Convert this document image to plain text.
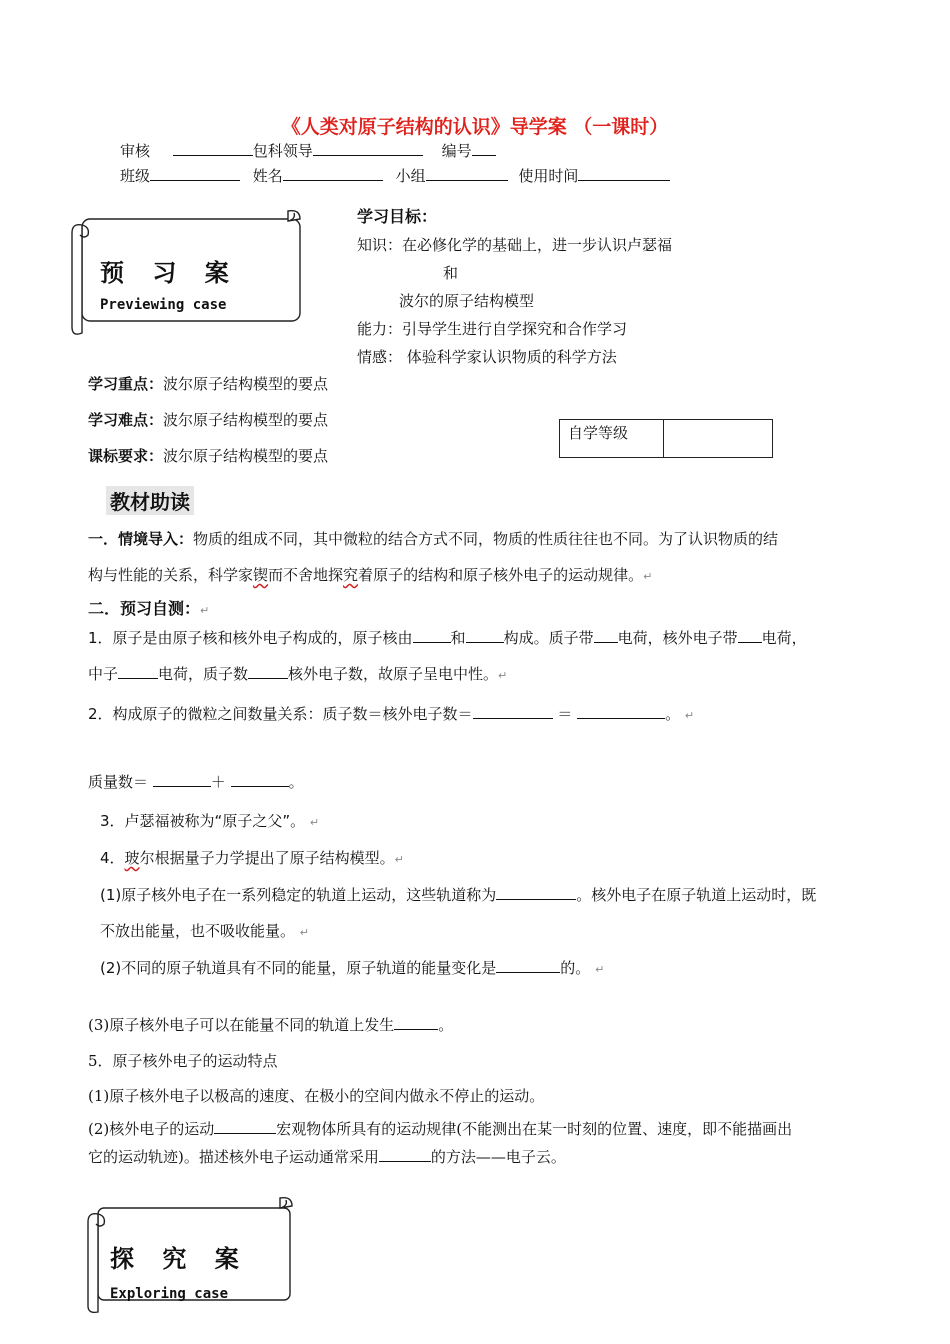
《人类对原子结构的认识》导学案 （一课时）
审核	包科领导	编号
班级	姓名	小组	使用时间
预 习 案
Previewing case
学习目标：
知识：在必修化学的基础上，进一步认识卢瑟福
和
波尔的原子结构模型
能力：引导学生进行自学探究和合作学习
情感： 体验科学家认识物质的科学方法
学习重点：波尔原子结构模型的要点
学习难点：波尔原子结构模型的要点
课标要求：波尔原子结构模型的要点
自学等级
教材助读
一．情境导入：物质的组成不同，其中微粒的结合方式不同，物质的性质往往也不同。为了认识物质的结
构与性能的关系，科学家锲而不舍地探究着原子的结构和原子核外电子的运动规律。↵
二．预习自测：↵
1．原子是由原子核和核外电子构成的，原子核由	和	构成。质子带 电荷，核外电子带 电荷，
中子	电荷，质子数	核外电子数，故原子呈电中性。↵
2．构成原子的微粒之间数量关系：质子数＝核外电子数＝	＝	。 ↵
质量数＝	＋	。
3．卢瑟福被称为“原子之父”。 ↵
4．玻尔根据量子力学提出了原子结构模型。↵
(1)原子核外电子在一系列稳定的轨道上运动，这些轨道称为	。核外电子在原子轨道上运动时，既
不放出能量，也不吸收能量。 ↵
(2)不同的原子轨道具有不同的能量，原子轨道的能量变化是	的。 ↵
(3)原子核外电子可以在能量不同的轨道上发生	。
5．原子核外电子的运动特点
(1)原子核外电子以极高的速度、在极小的空间内做永不停止的运动。
(2)核外电子的运动	宏观物体所具有的运动规律(不能测出在某一时刻的位置、速度，即不能描画出
它的运动轨迹)。描述核外电子运动通常采用	的方法——电子云。
探 究 案
Exploring case
